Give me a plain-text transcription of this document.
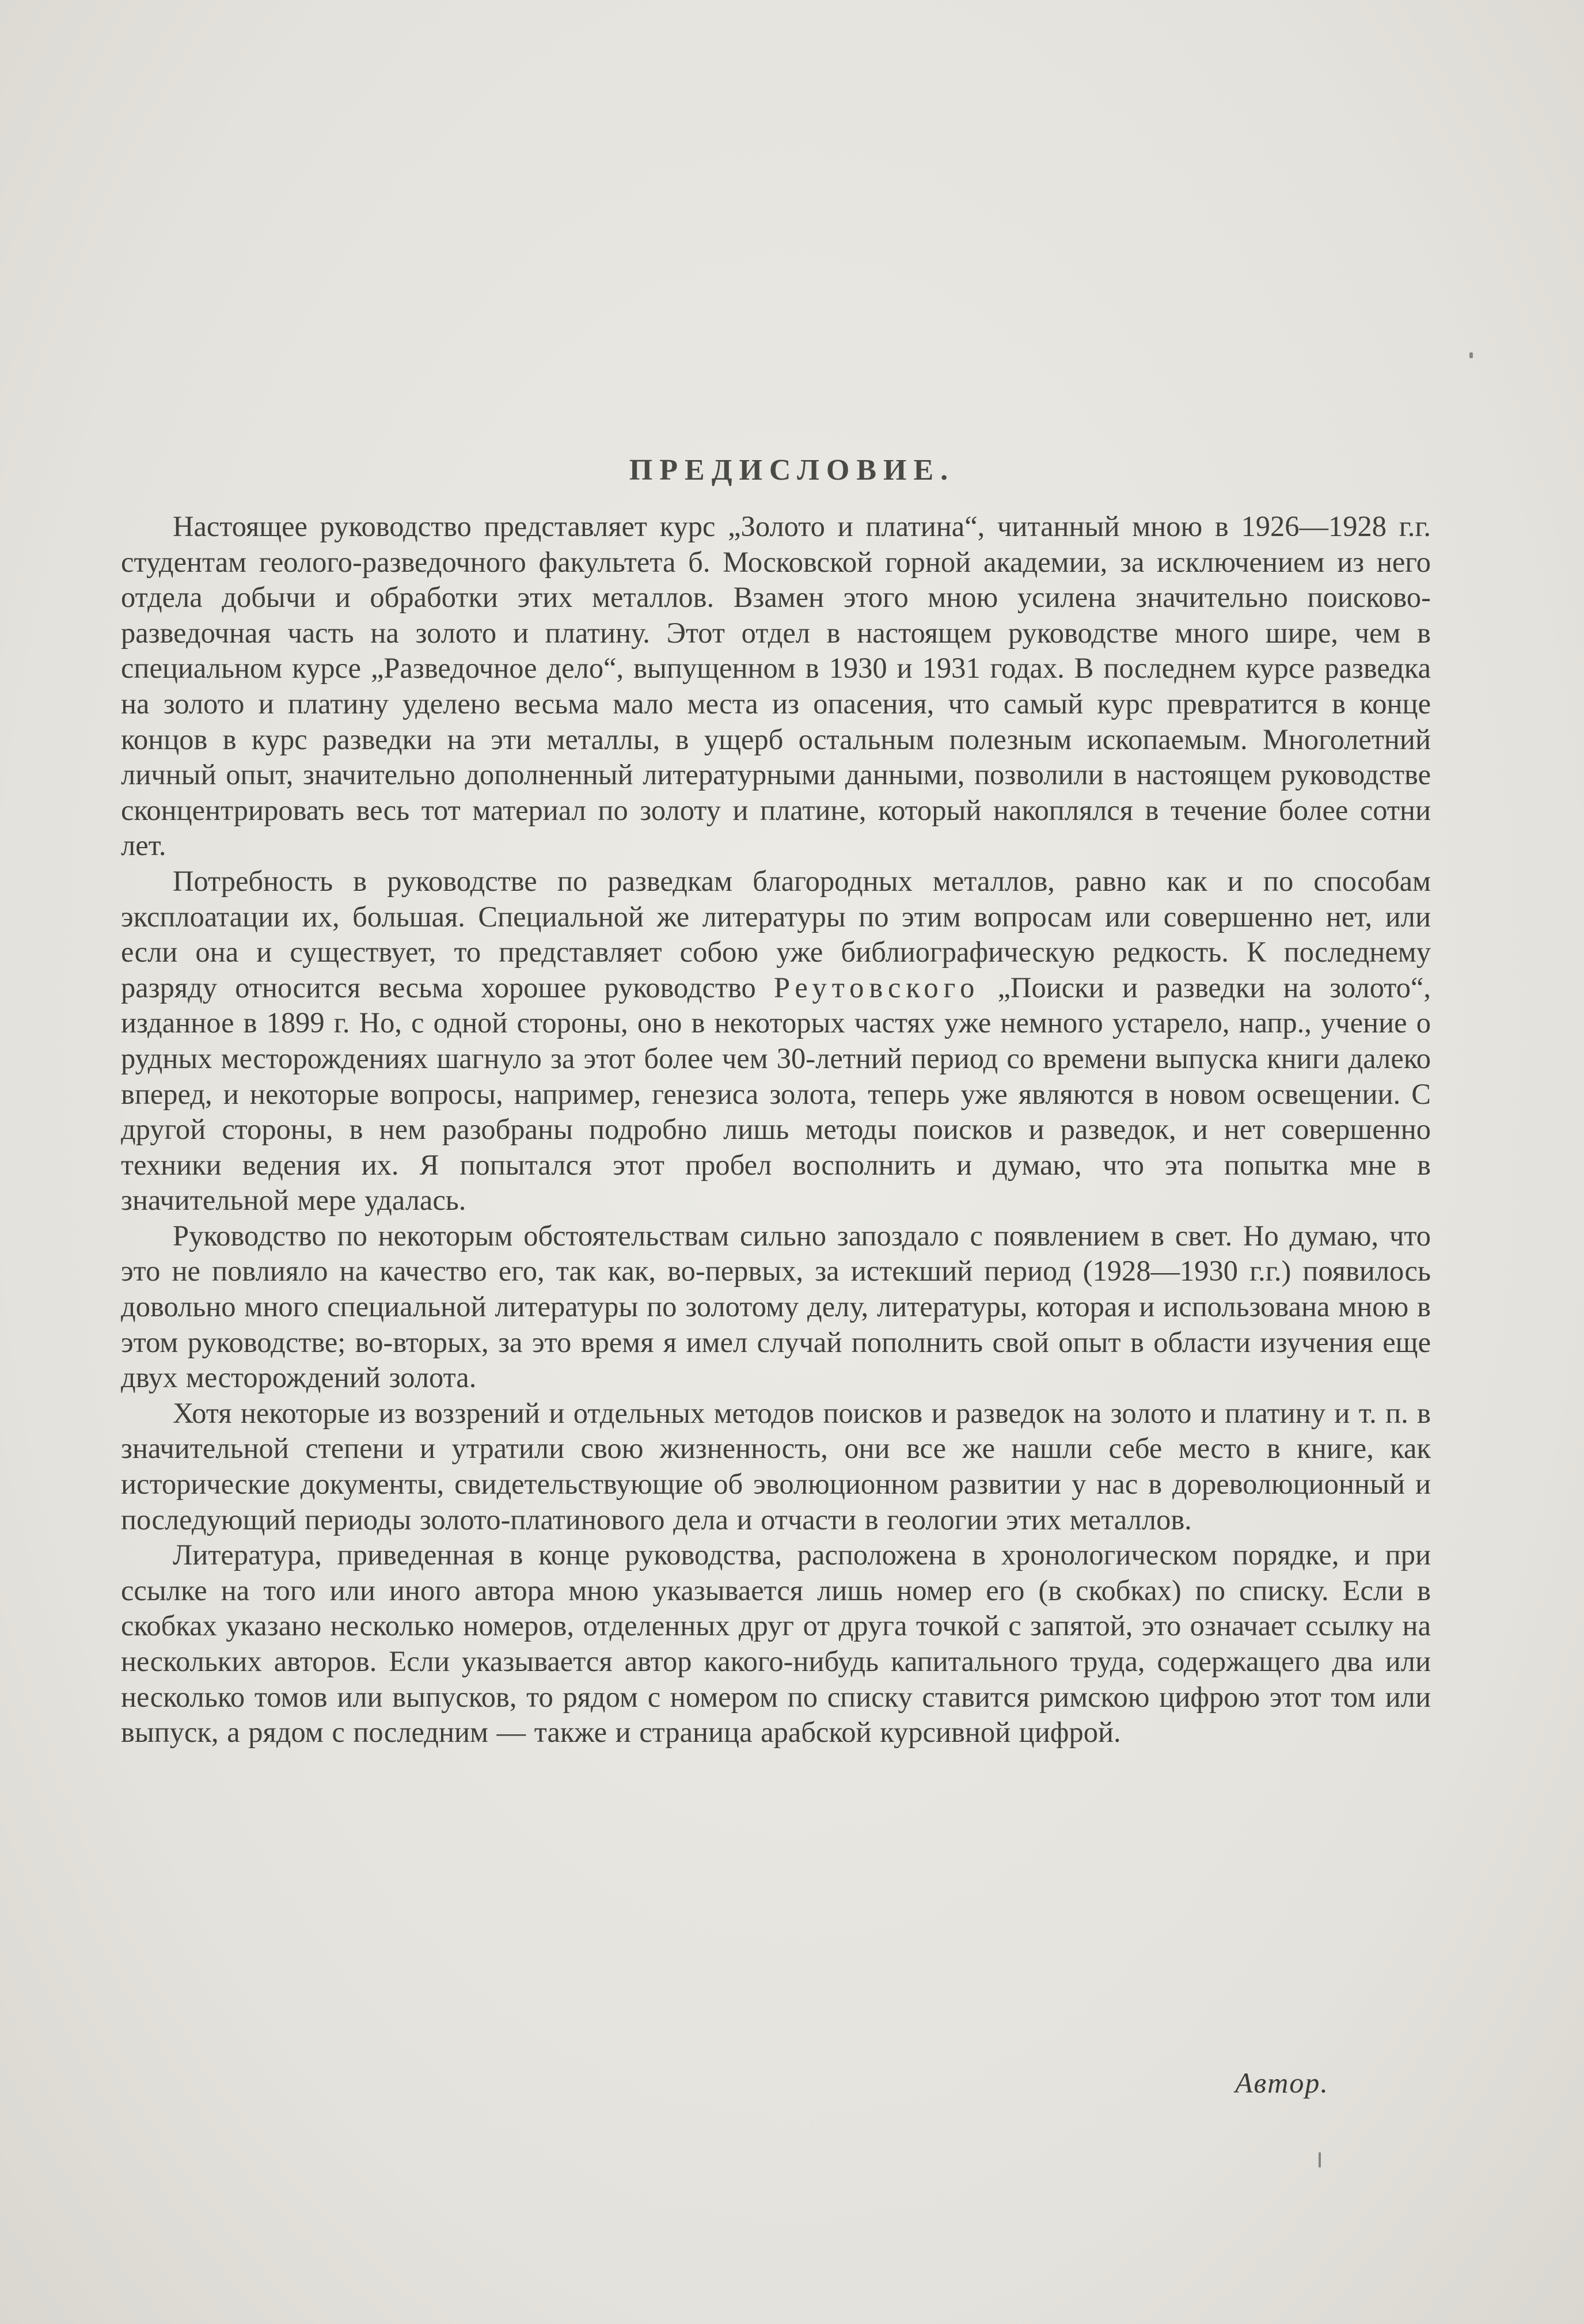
ПРЕДИСЛОВИЕ.

Настоящее руководство представляет курс „Золото и платина“, читанный мною в 1926—1928 г.г. студентам геолого-разведочного факультета б. Московской горной академии, за исключением из него отдела добычи и обработки этих металлов. Взамен этого мною усилена значительно поисково-разведочная часть на золото и платину. Этот отдел в настоящем руководстве много шире, чем в специальном курсе „Разведочное дело“, выпущенном в 1930 и 1931 годах. В последнем курсе разведка на золото и платину уделено весьма мало места из опасения, что самый курс превратится в конце концов в курс разведки на эти металлы, в ущерб остальным полезным ископаемым. Многолетний личный опыт, значительно дополненный литературными данными, позволили в настоящем руководстве сконцентрировать весь тот материал по золоту и платине, который накоплялся в течение более сотни лет.

Потребность в руководстве по разведкам благородных металлов, равно как и по способам эксплоатации их, большая. Специальной же литературы по этим вопросам или совершенно нет, или если она и существует, то представляет собою уже библиографическую редкость. К последнему разряду относится весьма хорошее руководство Реутовского „Поиски и разведки на золото“, изданное в 1899 г. Но, с одной стороны, оно в некоторых частях уже немного устарело, напр., учение о рудных месторождениях шагнуло за этот более чем 30-летний период со времени выпуска книги далеко вперед, и некоторые вопросы, например, генезиса золота, теперь уже являются в новом освещении. С другой стороны, в нем разобраны подробно лишь методы поисков и разведок, и нет совершенно техники ведения их. Я попытался этот пробел восполнить и думаю, что эта попытка мне в значительной мере удалась.

Руководство по некоторым обстоятельствам сильно запоздало с появлением в свет. Но думаю, что это не повлияло на качество его, так как, во-первых, за истекший период (1928—1930 г.г.) появилось довольно много специальной литературы по золотому делу, литературы, которая и использована мною в этом руководстве; во-вторых, за это время я имел случай пополнить свой опыт в области изучения еще двух месторождений золота.

Хотя некоторые из воззрений и отдельных методов поисков и разведок на золото и платину и т. п. в значительной степени и утратили свою жизненность, они все же нашли себе место в книге, как исторические документы, свидетельствующие об эволюционном развитии у нас в дореволюционный и последующий периоды золото-платинового дела и отчасти в геологии этих металлов.

Литература, приведенная в конце руководства, расположена в хронологическом порядке, и при ссылке на того или иного автора мною указывается лишь номер его (в скобках) по списку. Если в скобках указано несколько номеров, отделенных друг от друга точкой с запятой, это означает ссылку на нескольких авторов. Если указывается автор какого-нибудь капитального труда, содержащего два или несколько томов или выпусков, то рядом с номером по списку ставится римскою цифрою этот том или выпуск, а рядом с последним — также и страница арабской курсивной цифрой.

Автор.
